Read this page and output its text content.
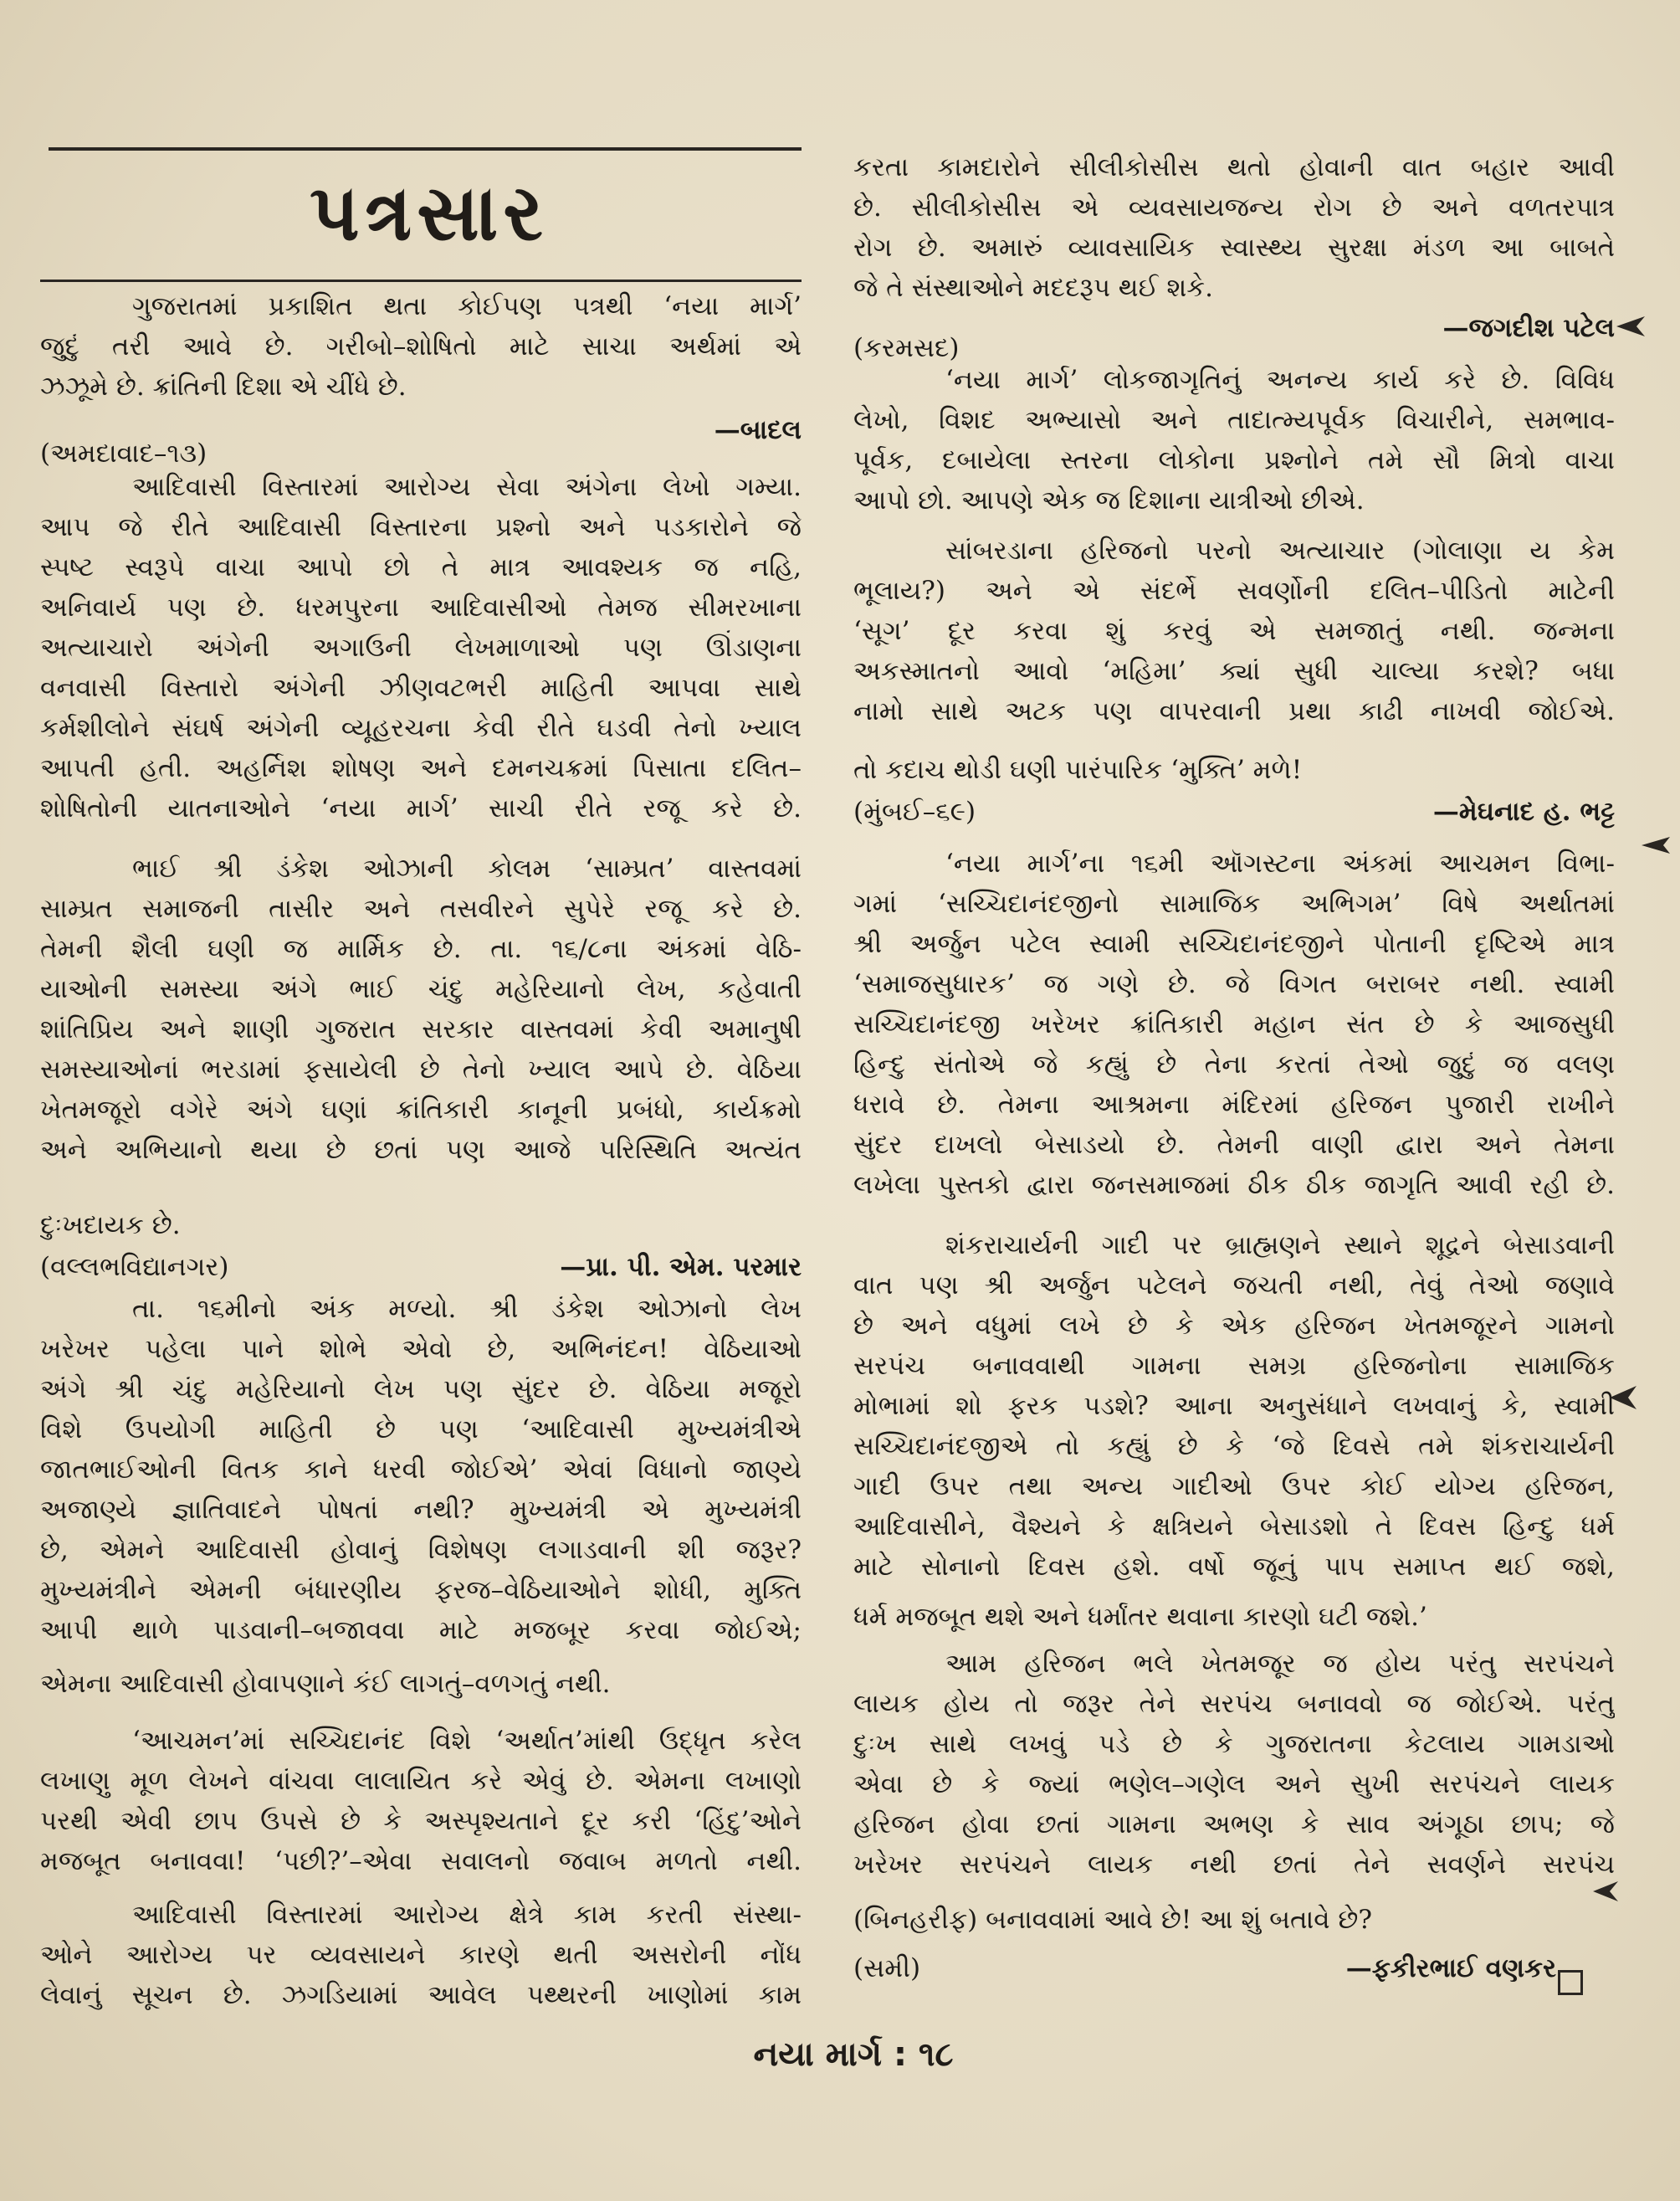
પત્રસાર
ગુજરાતમાં પ્રકાશિત થતા કોઈપણ પત્રથી ‘નયા માર્ગ’
જુદું તરી આવે છે. ગરીબો–શોષિતો માટે સાચા અર્થમાં એ
ઝઝૂમે છે. ક્રાંતિની દિશા એ ચીંધે છે.
—બાદલ
(અમદાવાદ–૧૩)
આદિવાસી વિસ્તારમાં આરોગ્ય સેવા અંગેના લેખો ગમ્યા.
આપ જે રીતે આદિવાસી વિસ્તારના પ્રશ્નો અને પડકારોને જે
સ્પષ્ટ સ્વરૂપે વાચા આપો છો તે માત્ર આવશ્યક જ નહિ,
અનિવાર્ય પણ છે. ધરમપુરના આદિવાસીઓ તેમજ સીમરખાના
અત્યાચારો અંગેની અગાઉની લેખમાળાઓ પણ ઊંડાણના
વનવાસી વિસ્તારો અંગેની ઝીણવટભરી માહિતી આપવા સાથે
કર્મશીલોને સંઘર્ષ અંગેની વ્યૂહરચના કેવી રીતે ઘડવી તેનો ખ્યાલ
આપતી હતી. અહર્નિશ શોષણ અને દમનચક્રમાં પિસાતા દલિત–
શોષિતોની યાતનાઓને ‘નયા માર્ગ’ સાચી રીતે રજૂ કરે છે.
ભાઈ શ્રી ડંકેશ ઓઝાની કોલમ ‘સામ્પ્રત’ વાસ્તવમાં
સામ્પ્રત સમાજની તાસીર અને તસવીરને સુપેરે રજૂ કરે છે.
તેમની શૈલી ઘણી જ માર્મિક છે. તા. ૧૬/૮ના અંકમાં વેઠિ-
યાઓની સમસ્યા અંગે ભાઈ ચંદુ મહેરિયાનો લેખ, કહેવાતી
શાંતિપ્રિય અને શાણી ગુજરાત સરકાર વાસ્તવમાં કેવી અમાનુષી
સમસ્યાઓનાં ભરડામાં ફસાયેલી છે તેનો ખ્યાલ આપે છે. વેઠિયા
ખેતમજૂરો વગેરે અંગે ઘણાં ક્રાંતિકારી કાનૂની પ્રબંધો, કાર્યક્રમો
અને અભિયાનો થયા છે છતાં પણ આજે પરિસ્થિતિ અત્યંત
દુઃખદાયક છે.
(વલ્લભવિદ્યાનગર)	—પ્રા. પી. એમ. પરમાર
તા. ૧૬મીનો અંક મળ્યો. શ્રી ડંકેશ ઓઝાનો લેખ
ખરેખર પહેલા પાને શોભે એવો છે, અભિનંદન! વેઠિયાઓ
અંગે શ્રી ચંદુ મહેરિયાનો લેખ પણ સુંદર છે. વેઠિયા મજૂરો
વિશે ઉપયોગી માહિતી છે પણ ‘આદિવાસી મુખ્યમંત્રીએ
જાતભાઈઓની વિતક કાને ધરવી જોઈએ’ એવાં વિધાનો જાણ્યે
અજાણ્યે જ્ઞાતિવાદને પોષતાં નથી? મુખ્યમંત્રી એ મુખ્યમંત્રી
છે, એમને આદિવાસી હોવાનું વિશેષણ લગાડવાની શી જરૂર?
મુખ્યમંત્રીને એમની બંધારણીય ફરજ–વેઠિયાઓને શોધી, મુક્તિ
આપી થાળે પાડવાની–બજાવવા માટે મજબૂર કરવા જોઈએ;
એમના આદિવાસી હોવાપણાને કંઈ લાગતું–વળગતું નથી.
‘આચમન’માં સચ્ચિદાનંદ વિશે ‘અર્થાત’માંથી ઉદ્ધૃત કરેલ
લખાણુ મૂળ લેખને વાંચવા લાલાયિત કરે એવું છે. એમના લખાણો
પરથી એવી છાપ ઉપસે છે કે અસ્પૃશ્યતાને દૂર કરી ‘હિંદુ’ઓને
મજબૂત બનાવવા! ‘પછી?’–એવા સવાલનો જવાબ મળતો નથી.
આદિવાસી વિસ્તારમાં આરોગ્ય ક્ષેત્રે કામ કરતી સંસ્થા-
ઓને આરોગ્ય પર વ્યવસાયને કારણે થતી અસરોની નોંધ
લેવાનું સૂચન છે. ઝગડિયામાં આવેલ પથ્થરની ખાણોમાં કામ
કરતા કામદારોને સીલીકોસીસ થતો હોવાની વાત બહાર આવી
છે. સીલીકોસીસ એ વ્યવસાયજન્ય રોગ છે અને વળતરપાત્ર
રોગ છે. અમારું વ્યાવસાયિક સ્વાસ્થ્ય સુરક્ષા મંડળ આ બાબતે
જે તે સંસ્થાઓને મદદરૂપ થઈ શકે.
—જગદીશ પટેલ
(કરમસદ)
‘નયા માર્ગ’ લોકજાગૃતિનું અનન્ય કાર્ય કરે છે. વિવિધ
લેખો, વિશદ અભ્યાસો અને તાદાત્મ્યપૂર્વક વિચારીને, સમભાવ-
પૂર્વક, દબાયેલા સ્તરના લોકોના પ્રશ્નોને તમે સૌ મિત્રો વાચા
આપો છો. આપણે એક જ દિશાના યાત્રીઓ છીએ.
સાંબરડાના હરિજનો પરનો અત્યાચાર (ગોલાણા ય કેમ
ભૂલાય?) અને એ સંદર્ભે સવર્ણોની દલિત–પીડિતો માટેની
‘સૂગ’ દૂર કરવા શું કરવું એ સમજાતું નથી. જન્મના
અકસ્માતનો આવો ‘મહિમા’ ક્યાં સુધી ચાલ્યા કરશે? બધા
નામો સાથે અટક પણ વાપરવાની પ્રથા કાઢી નાખવી જોઈએ.
તો કદાચ થોડી ઘણી પારંપારિક ‘મુક્તિ’ મળે!
(મુંબઈ–૬૯)	—મેઘનાદ હ. ભટ્ટ
‘નયા માર્ગ’ના ૧૬મી ઑગસ્ટના અંકમાં આચમન વિભા-
ગમાં ‘સચ્ચિદાનંદજીનો સામાજિક અભિગમ’ વિષે અર્થાતમાં
શ્રી અર્જુન પટેલ સ્વામી સચ્ચિદાનંદજીને પોતાની દૃષ્ટિએ માત્ર
‘સમાજસુધારક’ જ ગણે છે. જે વિગત બરાબર નથી. સ્વામી
સચ્ચિદાનંદજી ખરેખર ક્રાંતિકારી મહાન સંત છે કે આજસુધી
હિન્દુ સંતોએ જે કહ્યું છે તેના કરતાં તેઓ જુદું જ વલણ
ધરાવે છે. તેમના આશ્રમના મંદિરમાં હરિજન પુજારી રાખીને
સુંદર દાખલો બેસાડયો છે. તેમની વાણી દ્વારા અને તેમના
લખેલા પુસ્તકો દ્વારા જનસમાજમાં ઠીક ઠીક જાગૃતિ આવી રહી છે.
શંકરાચાર્યની ગાદી પર બ્રાહ્મણને સ્થાને શૂદ્રને બેસાડવાની
વાત પણ શ્રી અર્જુન પટેલને જચતી નથી, તેવું તેઓ જણાવે
છે અને વધુમાં લખે છે કે એક હરિજન ખેતમજૂરને ગામનો
સરપંચ બનાવવાથી ગામના સમગ્ર હરિજનોના સામાજિક
મોભામાં શો ફરક પડશે? આના અનુસંધાને લખવાનું કે, સ્વામી
સચ્ચિદાનંદજીએ તો કહ્યું છે કે ‘જે દિવસે તમે શંકરાચાર્યની
ગાદી ઉપર તથા અન્ય ગાદીઓ ઉપર કોઈ યોગ્ય હરિજન,
આદિવાસીને, વૈશ્યને કે ક્ષત્રિયને બેસાડશો તે દિવસ હિન્દુ ધર્મ
માટે સોનાનો દિવસ હશે. વર્ષો જૂનું પાપ સમાપ્ત થઈ જશે,
ધર્મ મજબૂત થશે અને ધર્માંતર થવાના કારણો ઘટી જશે.’
આમ હરિજન ભલે ખેતમજૂર જ હોય પરંતુ સરપંચને
લાયક હોય તો જરૂર તેને સરપંચ બનાવવો જ જોઈએ. પરંતુ
દુઃખ સાથે લખવું પડે છે કે ગુજરાતના કેટલાય ગામડાઓ
એવા છે કે જ્યાં ભણેલ–ગણેલ અને સુખી સરપંચને લાયક
હરિજન હોવા છતાં ગામના અભણ કે સાવ અંગૂઠા છાપ; જે
ખરેખર સરપંચને લાયક નથી છતાં તેને સવર્ણને સરપંચ
(બિનહરીફ) બનાવવામાં આવે છે! આ શું બતાવે છે?
(સમી)	—ફકીરભાઈ વણકર
નયા માર્ગ : ૧૮
